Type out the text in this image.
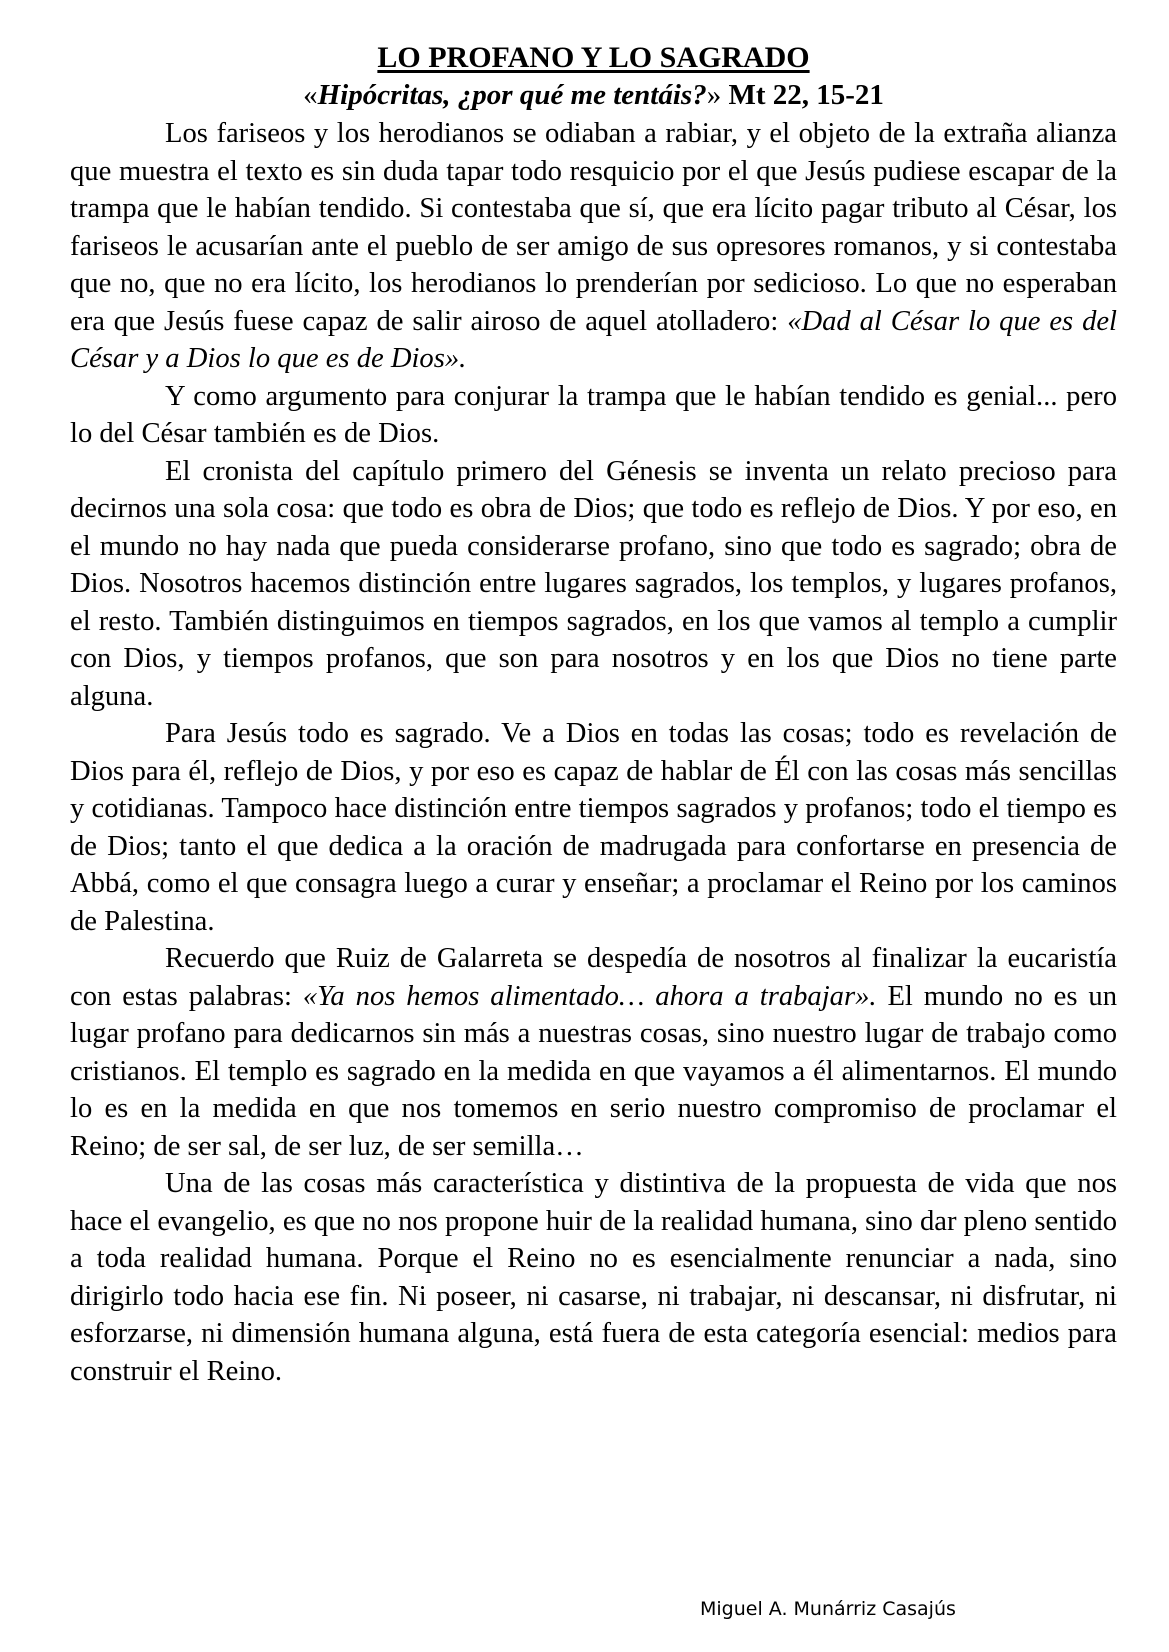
LO PROFANO Y LO SAGRADO
«Hipócritas, ¿por qué me tentáis?» Mt 22, 15-21

Los fariseos y los herodianos se odiaban a rabiar, y el objeto de la extraña alianza que muestra el texto es sin duda tapar todo resquicio por el que Jesús pudiese escapar de la trampa que le habían tendido. Si contestaba que sí, que era lícito pagar tributo al César, los fariseos le acusarían ante el pueblo de ser amigo de sus opresores romanos, y si contestaba que no, que no era lícito, los herodianos lo prenderían por sedicioso. Lo que no esperaban era que Jesús fuese capaz de salir airoso de aquel atolladero: «Dad al César lo que es del César y a Dios lo que es de Dios».

Y como argumento para conjurar la trampa que le habían tendido es genial... pero lo del César también es de Dios.

El cronista del capítulo primero del Génesis se inventa un relato precioso para decirnos una sola cosa: que todo es obra de Dios; que todo es reflejo de Dios. Y por eso, en el mundo no hay nada que pueda considerarse profano, sino que todo es sagrado; obra de Dios. Nosotros hacemos distinción entre lugares sagrados, los templos, y lugares profanos, el resto. También distinguimos en tiempos sagrados, en los que vamos al templo a cumplir con Dios, y tiempos profanos, que son para nosotros y en los que Dios no tiene parte alguna.

Para Jesús todo es sagrado. Ve a Dios en todas las cosas; todo es revelación de Dios para él, reflejo de Dios, y por eso es capaz de hablar de Él con las cosas más sencillas y cotidianas. Tampoco hace distinción entre tiempos sagrados y profanos; todo el tiempo es de Dios; tanto el que dedica a la oración de madrugada para confortarse en presencia de Abbá, como el que consagra luego a curar y enseñar; a proclamar el Reino por los caminos de Palestina.

Recuerdo que Ruiz de Galarreta se despedía de nosotros al finalizar la eucaristía con estas palabras: «Ya nos hemos alimentado… ahora a trabajar». El mundo no es un lugar profano para dedicarnos sin más a nuestras cosas, sino nuestro lugar de trabajo como cristianos. El templo es sagrado en la medida en que vayamos a él alimentarnos. El mundo lo es en la medida en que nos tomemos en serio nuestro compromiso de proclamar el Reino; de ser sal, de ser luz, de ser semilla…

Una de las cosas más característica y distintiva de la propuesta de vida que nos hace el evangelio, es que no nos propone huir de la realidad humana, sino dar pleno sentido a toda realidad humana. Porque el Reino no es esencialmente renunciar a nada, sino dirigirlo todo hacia ese fin. Ni poseer, ni casarse, ni trabajar, ni descansar, ni disfrutar, ni esforzarse, ni dimensión humana alguna, está fuera de esta categoría esencial: medios para construir el Reino.

Miguel A. Munárriz Casajús
